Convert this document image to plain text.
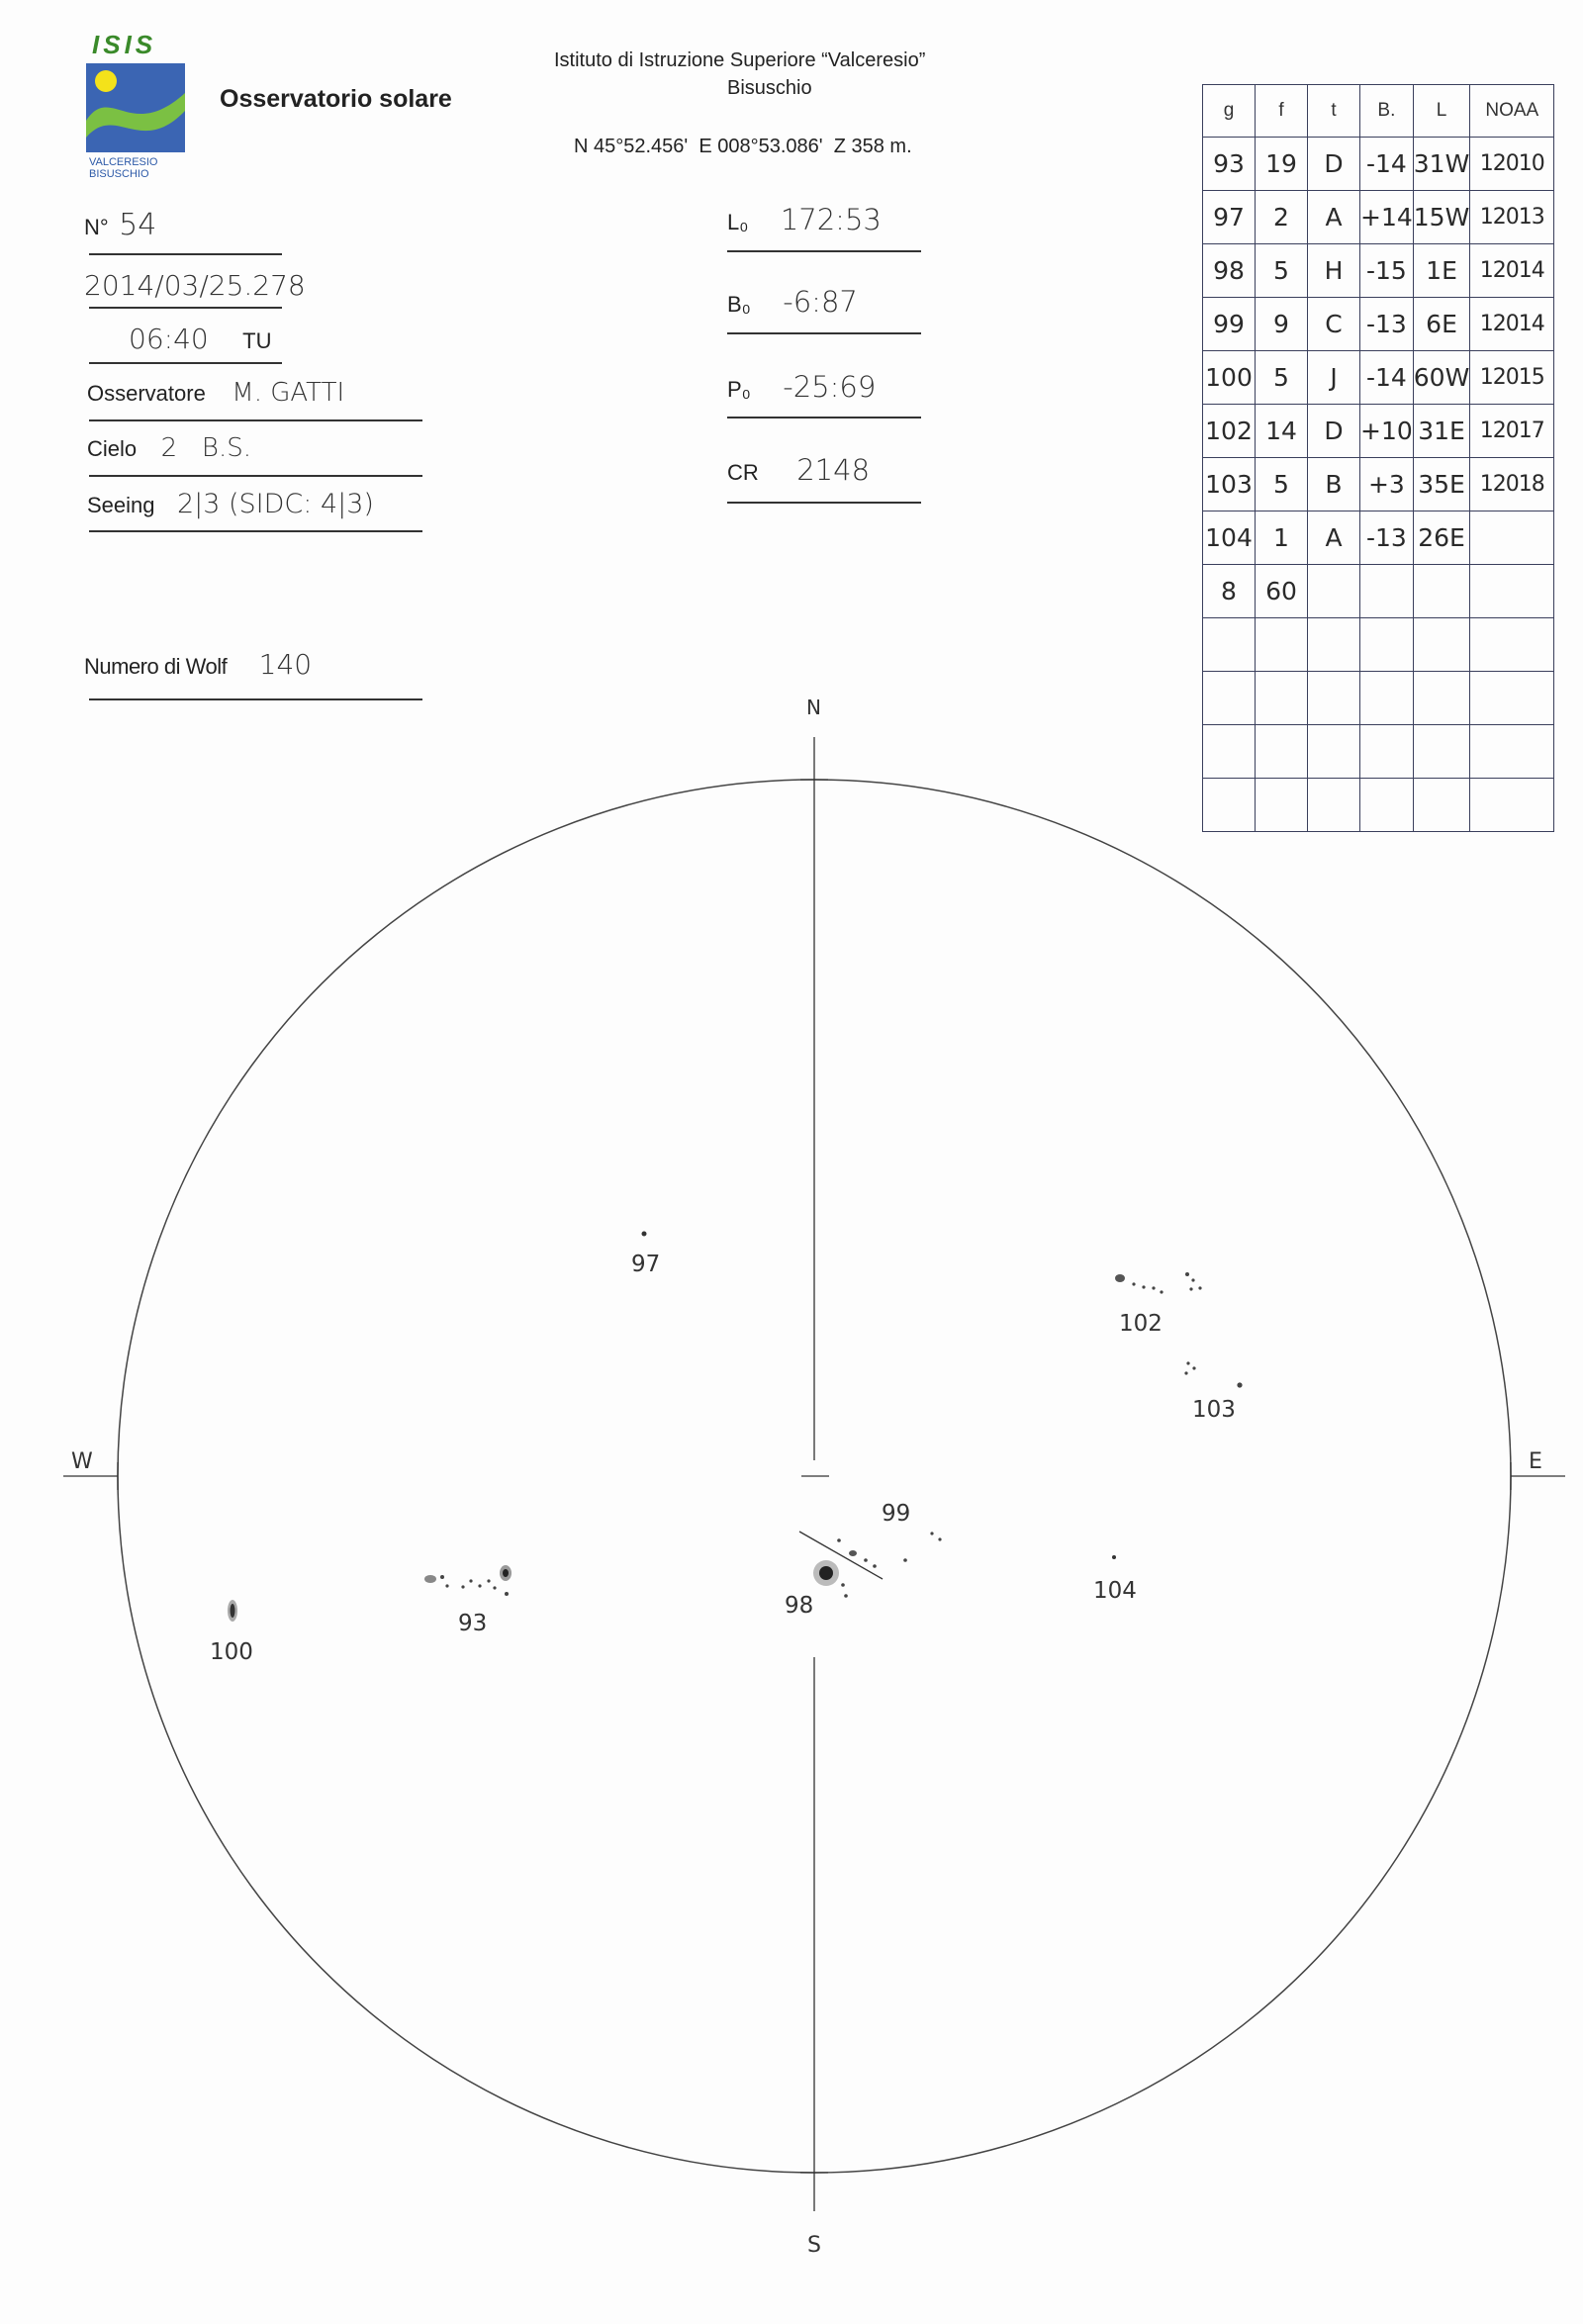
ISIS
VALCERESIO
BISUSCHIO
Osservatorio solare
Istituto di Istruzione Superiore “Valceresio”
Bisuschio
N 45°52.456'  E 008°53.086'  Z 358 m.
N° 54
2014/03/25.278
06:40 TU
Osservatore M. GATTI
Cielo 2   B.S.
Seeing 2|3 (SIDC: 4|3)
Numero di Wolf 140
L₀ 172:53
B₀ -6:87
P₀ -25:69
CR 2148
g	f	t	B.	L	NOAA
93	19	D	-14	31W	12010
97	2	A	+14	15W	12013
98	5	H	-15	1E	12014
99	9	C	-13	6E	12014
100	5	J	-14	60W	12015
102	14	D	+10	31E	12017
103	5	B	+3	35E	12018
104	1	A	-13	26E	
8	60				

N
S
W	E
97
102
103
99
98
104
93
100
